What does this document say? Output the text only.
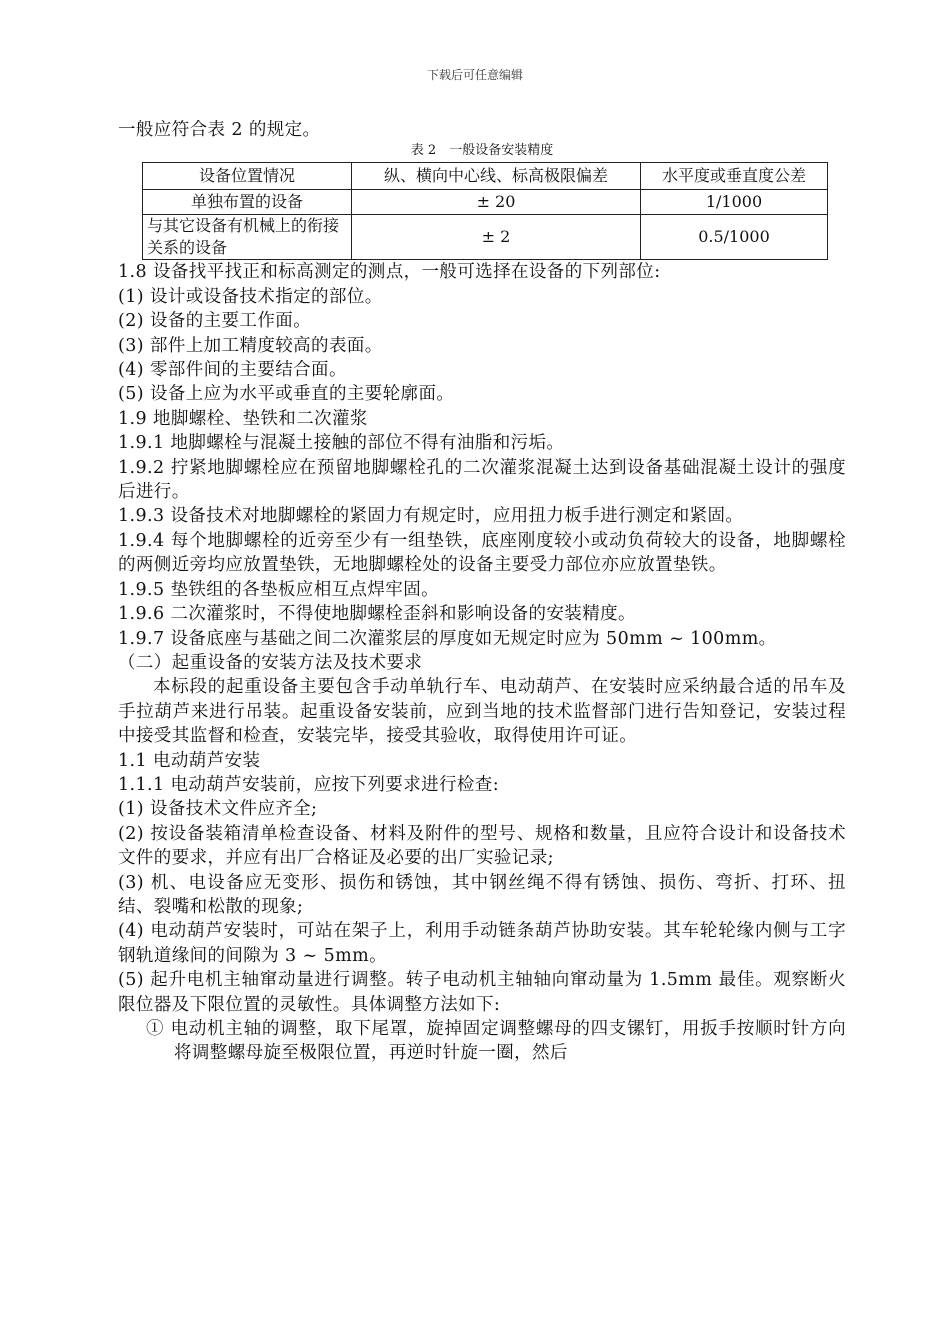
下载后可任意编辑

一般应符合表 2 的规定。

表 2　一般设备安装精度
设备位置情况	纵、横向中心线、标高极限偏差	水平度或垂直度公差
单独布置的设备	± 20	1/1000
与其它设备有机械上的衔接关系的设备	± 2	0.5/1000

1.8 设备找平找正和标高测定的测点，一般可选择在设备的下列部位:

(1) 设计或设备技术指定的部位。

(2) 设备的主要工作面。

(3) 部件上加工精度较高的表面。

(4) 零部件间的主要结合面。

(5) 设备上应为水平或垂直的主要轮廓面。

1.9 地脚螺栓、垫铁和二次灌浆

1.9.1 地脚螺栓与混凝土接触的部位不得有油脂和污垢。

1.9.2 拧紧地脚螺栓应在预留地脚螺栓孔的二次灌浆混凝土达到设备基础混凝土设计的强度后进行。

1.9.3 设备技术对地脚螺栓的紧固力有规定时，应用扭力板手进行测定和紧固。

1.9.4 每个地脚螺栓的近旁至少有一组垫铁，底座刚度较小或动负荷较大的设备，地脚螺栓的两侧近旁均应放置垫铁，无地脚螺栓处的设备主要受力部位亦应放置垫铁。

1.9.5 垫铁组的各垫板应相互点焊牢固。

1.9.6 二次灌浆时，不得使地脚螺栓歪斜和影响设备的安装精度。

1.9.7 设备底座与基础之间二次灌浆层的厚度如无规定时应为 50mm ~ 100mm。

（二）起重设备的安装方法及技术要求

本标段的起重设备主要包含手动单轨行车、电动葫芦、在安装时应采纳最合适的吊车及手拉葫芦来进行吊装。起重设备安装前，应到当地的技术监督部门进行告知登记，安装过程中接受其监督和检查，安装完毕，接受其验收，取得使用许可证。

1.1 电动葫芦安装

1.1.1 电动葫芦安装前，应按下列要求进行检查:

(1) 设备技术文件应齐全;

(2) 按设备装箱清单检查设备、材料及附件的型号、规格和数量，且应符合设计和设备技术文件的要求，并应有出厂合格证及必要的出厂实验记录;

(3) 机、电设备应无变形、损伤和锈蚀，其中钢丝绳不得有锈蚀、损伤、弯折、打环、扭结、裂嘴和松散的现象;

(4) 电动葫芦安装时，可站在架子上，利用手动链条葫芦协助安装。其车轮轮缘内侧与工字钢轨道缘间的间隙为 3 ~ 5mm。

(5) 起升电机主轴窜动量进行调整。转子电动机主轴轴向窜动量为 1.5mm 最佳。观察断火限位器及下限位置的灵敏性。具体调整方法如下:

① 电动机主轴的调整，取下尾罩，旋掉固定调整螺母的四支镙钉，用扳手按顺时针方向将调整螺母旋至极限位置，再逆时针旋一圈，然后
